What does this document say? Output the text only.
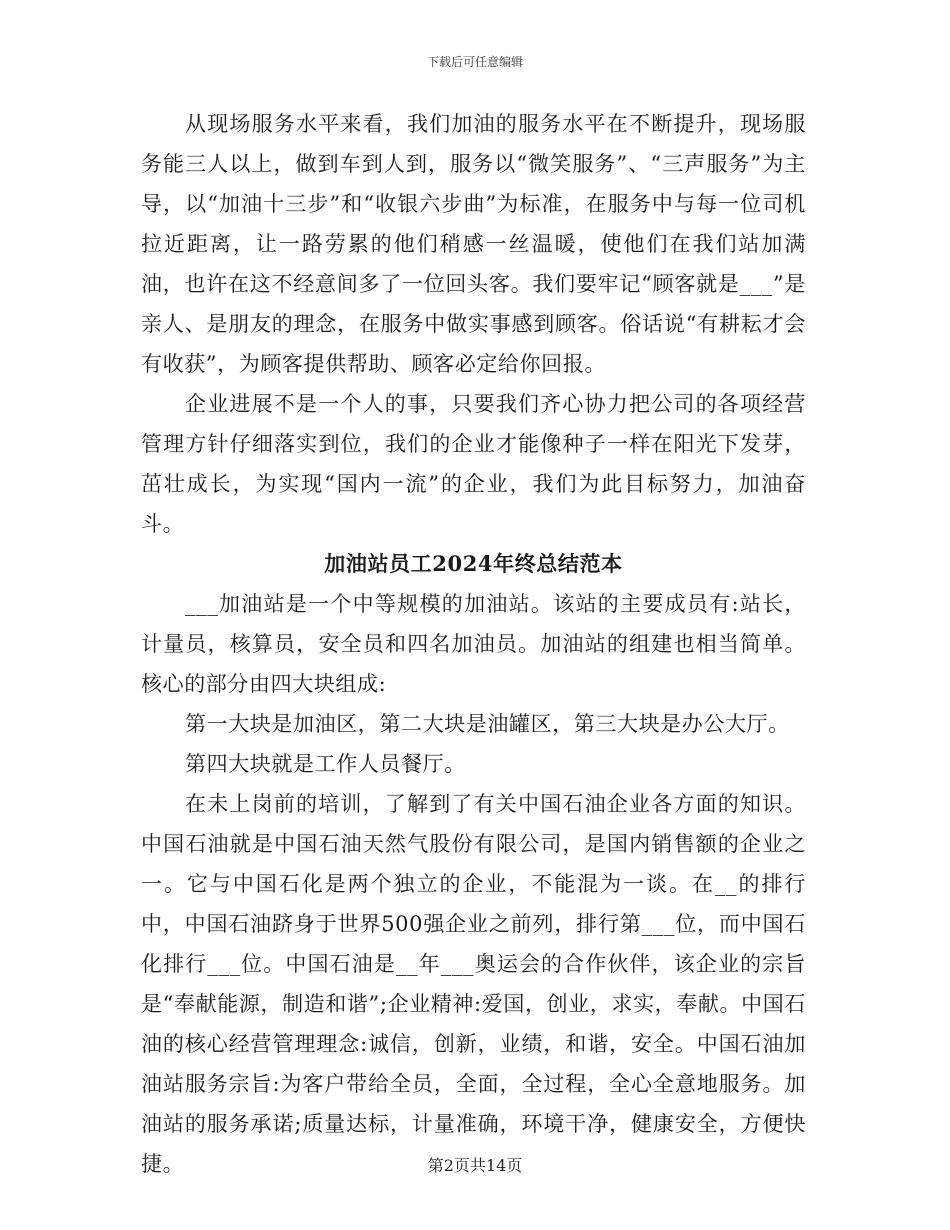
下载后可任意编辑

从现场服务水平来看，我们加油的服务水平在不断提升，现场服务能三人以上，做到车到人到，服务以“微笑服务”、“三声服务”为主导，以“加油十三步”和“收银六步曲”为标准，在服务中与每一位司机拉近距离，让一路劳累的他们稍感一丝温暖，使他们在我们站加满油，也许在这不经意间多了一位回头客。我们要牢记“顾客就是___”是亲人、是朋友的理念，在服务中做实事感到顾客。俗话说“有耕耘才会有收获”，为顾客提供帮助、顾客必定给你回报。

企业进展不是一个人的事，只要我们齐心协力把公司的各项经营管理方针仔细落实到位，我们的企业才能像种子一样在阳光下发芽，茁壮成长，为实现“国内一流”的企业，我们为此目标努力，加油奋斗。

加油站员工2024年终总结范本

___加油站是一个中等规模的加油站。该站的主要成员有:站长，计量员，核算员，安全员和四名加油员。加油站的组建也相当简单。核心的部分由四大块组成:

第一大块是加油区，第二大块是油罐区，第三大块是办公大厅。

第四大块就是工作人员餐厅。

在未上岗前的培训，了解到了有关中国石油企业各方面的知识。中国石油就是中国石油天然气股份有限公司，是国内销售额的企业之一。它与中国石化是两个独立的企业，不能混为一谈。在__的排行中，中国石油跻身于世界500强企业之前列，排行第___位，而中国石化排行___位。中国石油是__年___奥运会的合作伙伴，该企业的宗旨是“奉献能源，制造和谐”;企业精神:爱国，创业，求实，奉献。中国石油的核心经营管理理念:诚信，创新，业绩，和谐，安全。中国石油加油站服务宗旨:为客户带给全员，全面，全过程，全心全意地服务。加油站的服务承诺;质量达标，计量准确，环境干净，健康安全，方便快捷。	第2页共14页
